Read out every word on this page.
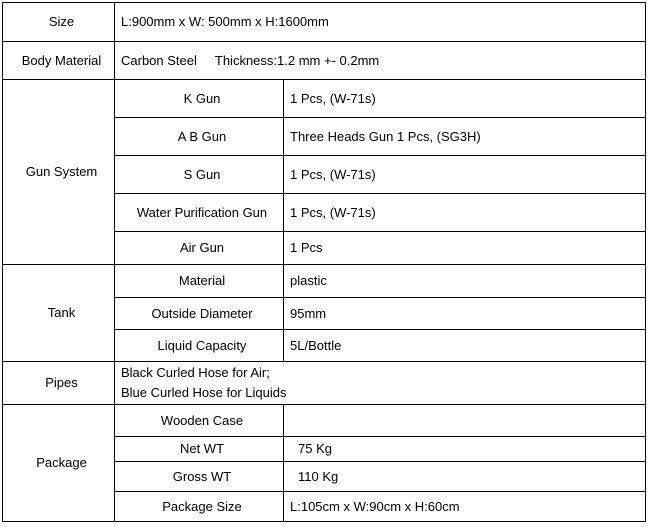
Size	L:900mm x W: 500mm x H:1600mm	
Body Material	Carbon Steel Thickness:1.2 mm +- 0.2mm	
Gun System	K Gun	1 Pcs, (W-71s)
	A B Gun	Three Heads Gun 1 Pcs, (SG3H)
	S Gun	1 Pcs, (W-71s)
	Water Purification Gun	1 Pcs, (W-71s)
	Air Gun	1 Pcs
Tank	Material	plastic
	Outside Diameter	95mm
	Liquid Capacity	5L/Bottle
Pipes	Black Curled Hose for Air;
Blue Curled Hose for Liquids	

Package	Wooden Case	
	Net WT	75 Kg
	Gross WT	110 Kg
	Package Size	L:105cm x W:90cm x H:60cm
